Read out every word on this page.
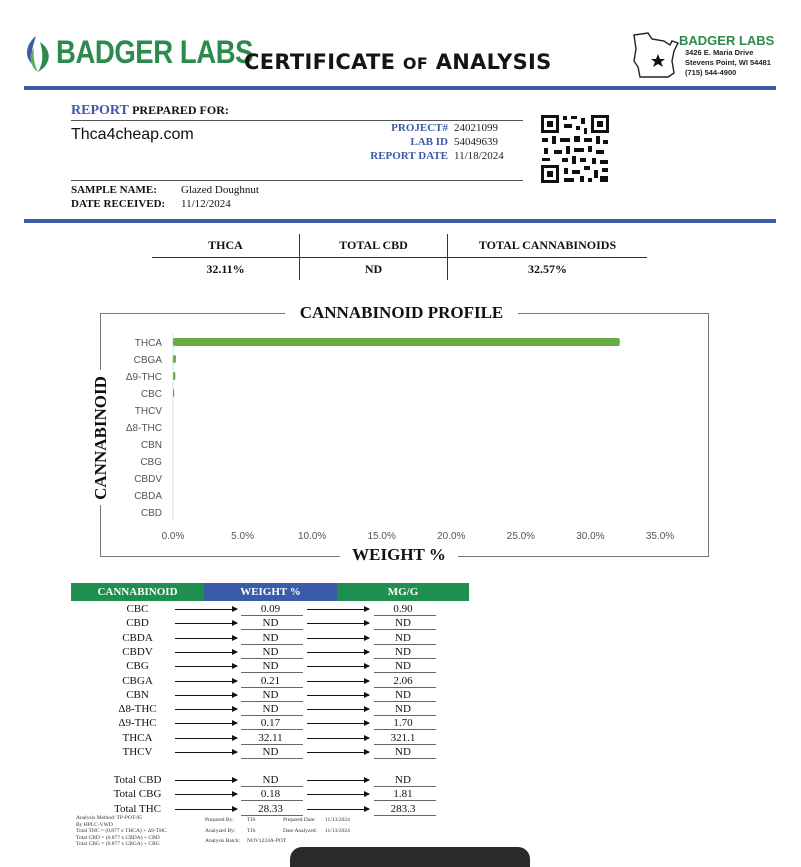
BADGER LABS
CERTIFICATE OF ANALYSIS
BADGER LABS
3426 E. Maria Drive
Stevens Point, WI 54481
(715) 544-4900
REPORT PREPARED FOR:
Thca4cheap.com	PROJECT# 24021099
LAB ID 54049639
REPORT DATE 11/18/2024
SAMPLE NAME: Glazed Doughnut
DATE RECEIVED: 11/12/2024
THCA	TOTAL CBD	TOTAL CANNABINOIDS
32.11%	ND	32.57%
CANNABINOID PROFILE
WEIGHT %
CANNABINOID
THCA
CBGA
Δ9-THC
CBC
THCV
Δ8-THC
CBN
CBG
CBDV
CBDA
CBD
0.0%	5.0%	10.0%	15.0%	20.0%	25.0%	30.0%	35.0%
CANNABINOID	WEIGHT %	MG/G
CBC	0.09	0.90
CBD	ND	ND
CBDA	ND	ND
CBDV	ND	ND
CBG	ND	ND
CBGA	0.21	2.06
CBN	ND	ND
Δ8-THC	ND	ND
Δ9-THC	0.17	1.70
THCA	32.11	321.1
THCV	ND	ND
Total CBD	ND	ND
Total CBG	0.18	1.81
Total THC	28.33	283.3
Analysis Method: TP-POT-05
By HPLC-VWD
Total THC = (0.877 x THCA) + Δ9-THC
Total CBD = (0.877 x CBDA) + CBD
Total CBG = (0.877 x CBGA) + CBG
Prepared By: TJS
Analyzed By: TJS
Analysis Batch: NOV1224A-POT
Prepared Date: 11/13/2024
Date Analyzed: 11/13/2024
